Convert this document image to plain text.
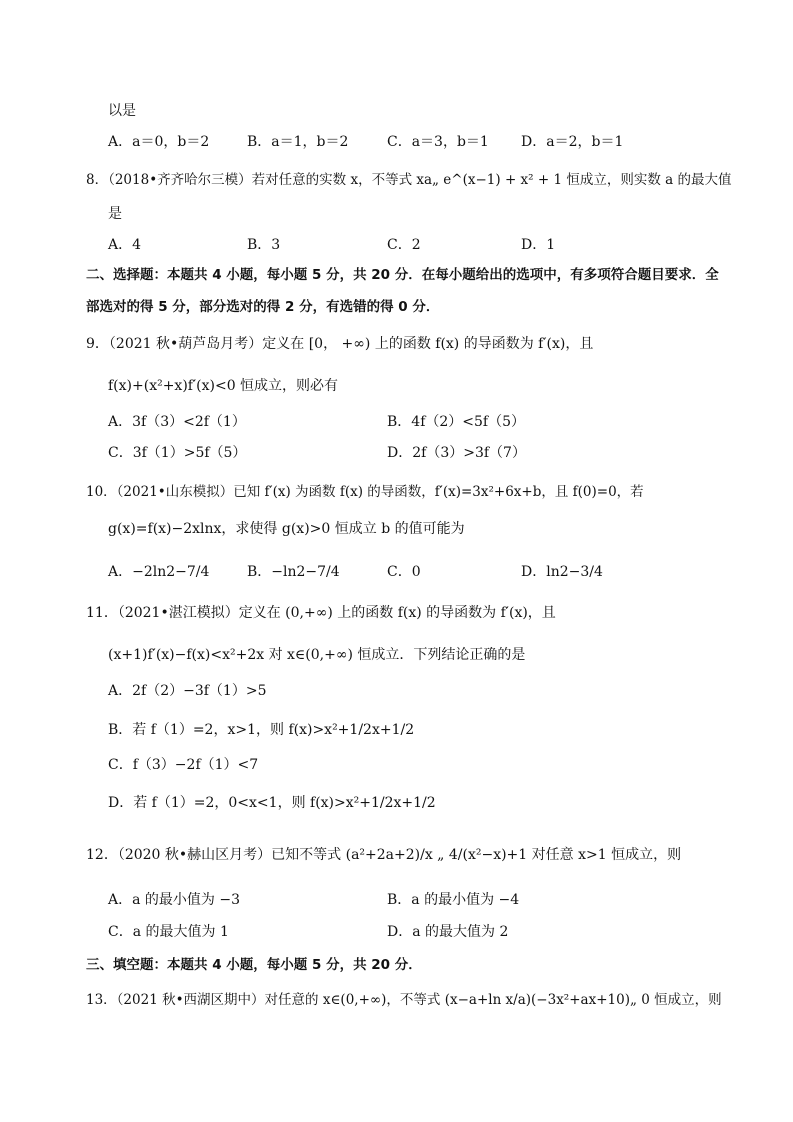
以是
A．a＝0，b＝2	B．a＝1，b＝2	C．a＝3，b＝1 D．a＝2，b＝1
8．（2018•齐齐哈尔三模）若对任意的实数 x，不等式 xa„ e^(x−1) + x² + 1 恒成立，则实数 a 的最大值
是
A．4	B．3	C．2	D．1
二、选择题：本题共 4 小题，每小题 5 分，共 20 分．在每小题给出的选项中，有多项符合题目要求．全
部选对的得 5 分，部分选对的得 2 分，有选错的得 0 分．
9．（2021 秋•葫芦岛月考）定义在 [0， +∞) 上的函数 f(x) 的导函数为 f′(x)，且
f(x)+(x²+x)f′(x)<0 恒成立，则必有
A．3f（3）<2f（1）	B．4f（2）<5f（5）
C．3f（1）>5f（5）	D．2f（3）>3f（7）
10．（2021•山东模拟）已知 f′(x) 为函数 f(x) 的导函数，f′(x)=3x²+6x+b，且 f(0)=0，若
g(x)=f(x)−2xlnx，求使得 g(x)>0 恒成立 b 的值可能为
A．−2ln2−7/4	B．−ln2−7/4	C．0	D．ln2−3/4
11．（2021•湛江模拟）定义在 (0,+∞) 上的函数 f(x) 的导函数为 f′(x)，且
(x+1)f′(x)−f(x)<x²+2x 对 x∈(0,+∞) 恒成立．下列结论正确的是
A．2f（2）−3f（1）>5
B．若 f（1）=2，x>1，则 f(x)>x²+1/2x+1/2
C．f（3）−2f（1）<7
D．若 f（1）=2，0<x<1，则 f(x)>x²+1/2x+1/2
12．（2020 秋•赫山区月考）已知不等式 (a²+2a+2)/x „ 4/(x²−x)+1 对任意 x>1 恒成立，则
A．a 的最小值为 −3	B．a 的最小值为 −4
C．a 的最大值为 1	D．a 的最大值为 2
三、填空题：本题共 4 小题，每小题 5 分，共 20 分．
13．（2021 秋•西湖区期中）对任意的 x∈(0,+∞)，不等式 (x−a+ln x/a)(−3x²+ax+10)„ 0 恒成立，则
